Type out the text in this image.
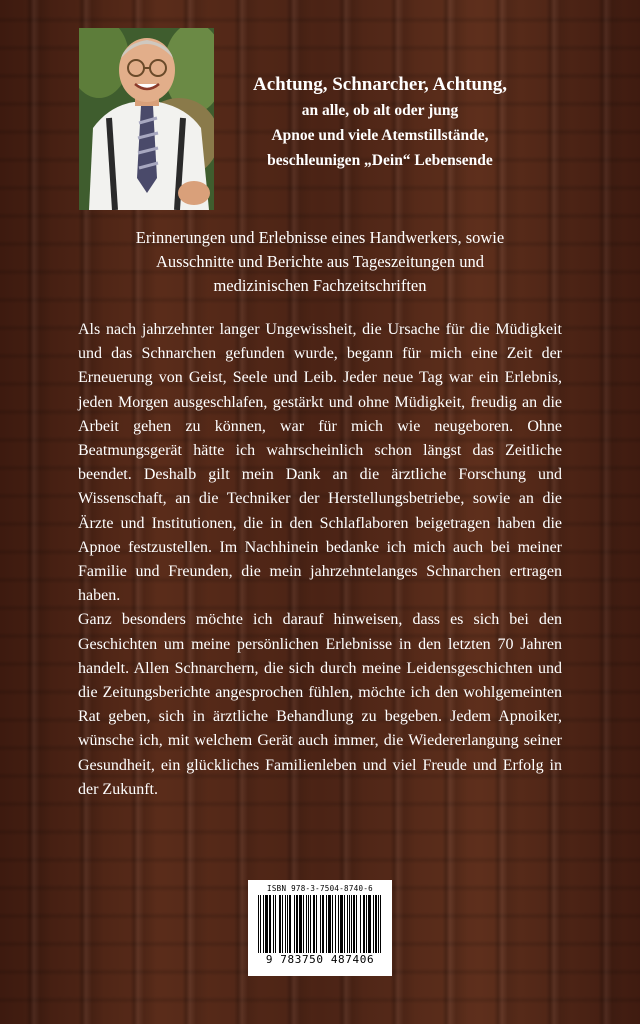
Achtung, Schnarcher, Achtung,
an alle, ob alt oder jung
Apnoe und viele Atemstillstände,
beschleunigen „Dein“ Lebensende
Erinnerungen und Erlebnisse eines Handwerkers, sowie
Ausschnitte und Berichte aus Tageszeitungen und
medizinischen Fachzeitschriften

Als nach jahrzehnter langer Ungewissheit, die Ursache für die Müdigkeit und das Schnarchen gefunden wurde, begann für mich eine Zeit der Erneuerung von Geist, Seele und Leib. Jeder neue Tag war ein Erlebnis, jeden Morgen ausgeschlafen, gestärkt und ohne Müdigkeit, freudig an die Arbeit gehen zu können, war für mich wie neugeboren. Ohne Beatmungsgerät hätte ich wahrscheinlich schon längst das Zeitliche beendet. Deshalb gilt mein Dank an die ärztliche Forschung und Wissenschaft, an die Techniker der Herstellungsbetriebe, sowie an die Ärzte und Institutionen, die in den Schlaflaboren beigetragen haben die Apnoe festzustellen. Im Nachhinein bedanke ich mich auch bei meiner Familie und Freunden, die mein jahrzehntelanges Schnarchen ertragen haben.

Ganz besonders möchte ich darauf hinweisen, dass es sich bei den Geschichten um meine persönlichen Erlebnisse in den letzten 70 Jahren handelt. Allen Schnarchern, die sich durch meine Leidensgeschichten und die Zeitungsberichte angesprochen fühlen, möchte ich den wohlgemeinten Rat geben, sich in ärztliche Behandlung zu begeben. Jedem Apnoiker, wünsche ich, mit welchem Gerät auch immer, die Wiedererlangung seiner Gesundheit, ein glückliches Familienleben und viel Freude und Erfolg in der Zukunft.

ISBN 978-3-7504-8740-6
9 783750 487406
